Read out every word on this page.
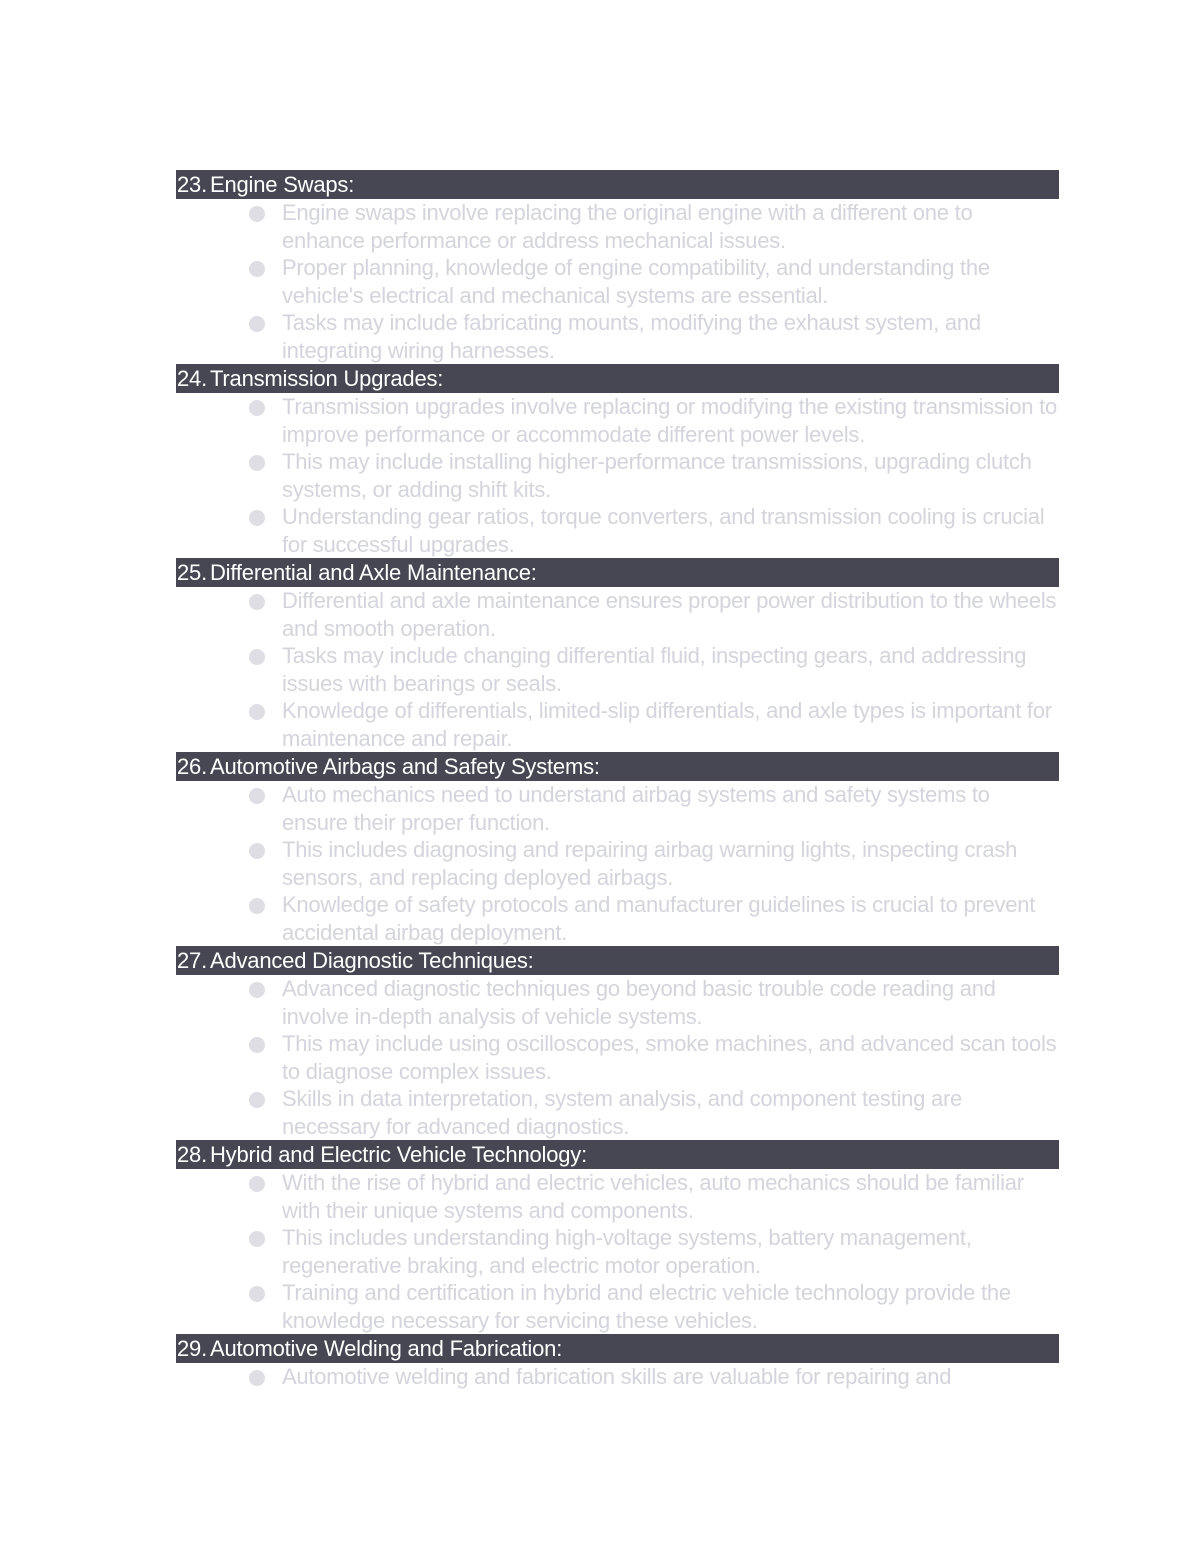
23. Engine Swaps:
Engine swaps involve replacing the original engine with a different one to enhance performance or address mechanical issues.
Proper planning, knowledge of engine compatibility, and understanding the vehicle's electrical and mechanical systems are essential.
Tasks may include fabricating mounts, modifying the exhaust system, and integrating wiring harnesses.
24. Transmission Upgrades:
Transmission upgrades involve replacing or modifying the existing transmission to improve performance or accommodate different power levels.
This may include installing higher-performance transmissions, upgrading clutch systems, or adding shift kits.
Understanding gear ratios, torque converters, and transmission cooling is crucial for successful upgrades.
25. Differential and Axle Maintenance:
Differential and axle maintenance ensures proper power distribution to the wheels and smooth operation.
Tasks may include changing differential fluid, inspecting gears, and addressing issues with bearings or seals.
Knowledge of differentials, limited-slip differentials, and axle types is important for maintenance and repair.
26. Automotive Airbags and Safety Systems:
Auto mechanics need to understand airbag systems and safety systems to ensure their proper function.
This includes diagnosing and repairing airbag warning lights, inspecting crash sensors, and replacing deployed airbags.
Knowledge of safety protocols and manufacturer guidelines is crucial to prevent accidental airbag deployment.
27. Advanced Diagnostic Techniques:
Advanced diagnostic techniques go beyond basic trouble code reading and involve in-depth analysis of vehicle systems.
This may include using oscilloscopes, smoke machines, and advanced scan tools to diagnose complex issues.
Skills in data interpretation, system analysis, and component testing are necessary for advanced diagnostics.
28. Hybrid and Electric Vehicle Technology:
With the rise of hybrid and electric vehicles, auto mechanics should be familiar with their unique systems and components.
This includes understanding high-voltage systems, battery management, regenerative braking, and electric motor operation.
Training and certification in hybrid and electric vehicle technology provide the knowledge necessary for servicing these vehicles.
29. Automotive Welding and Fabrication:
Automotive welding and fabrication skills are valuable for repairing and
